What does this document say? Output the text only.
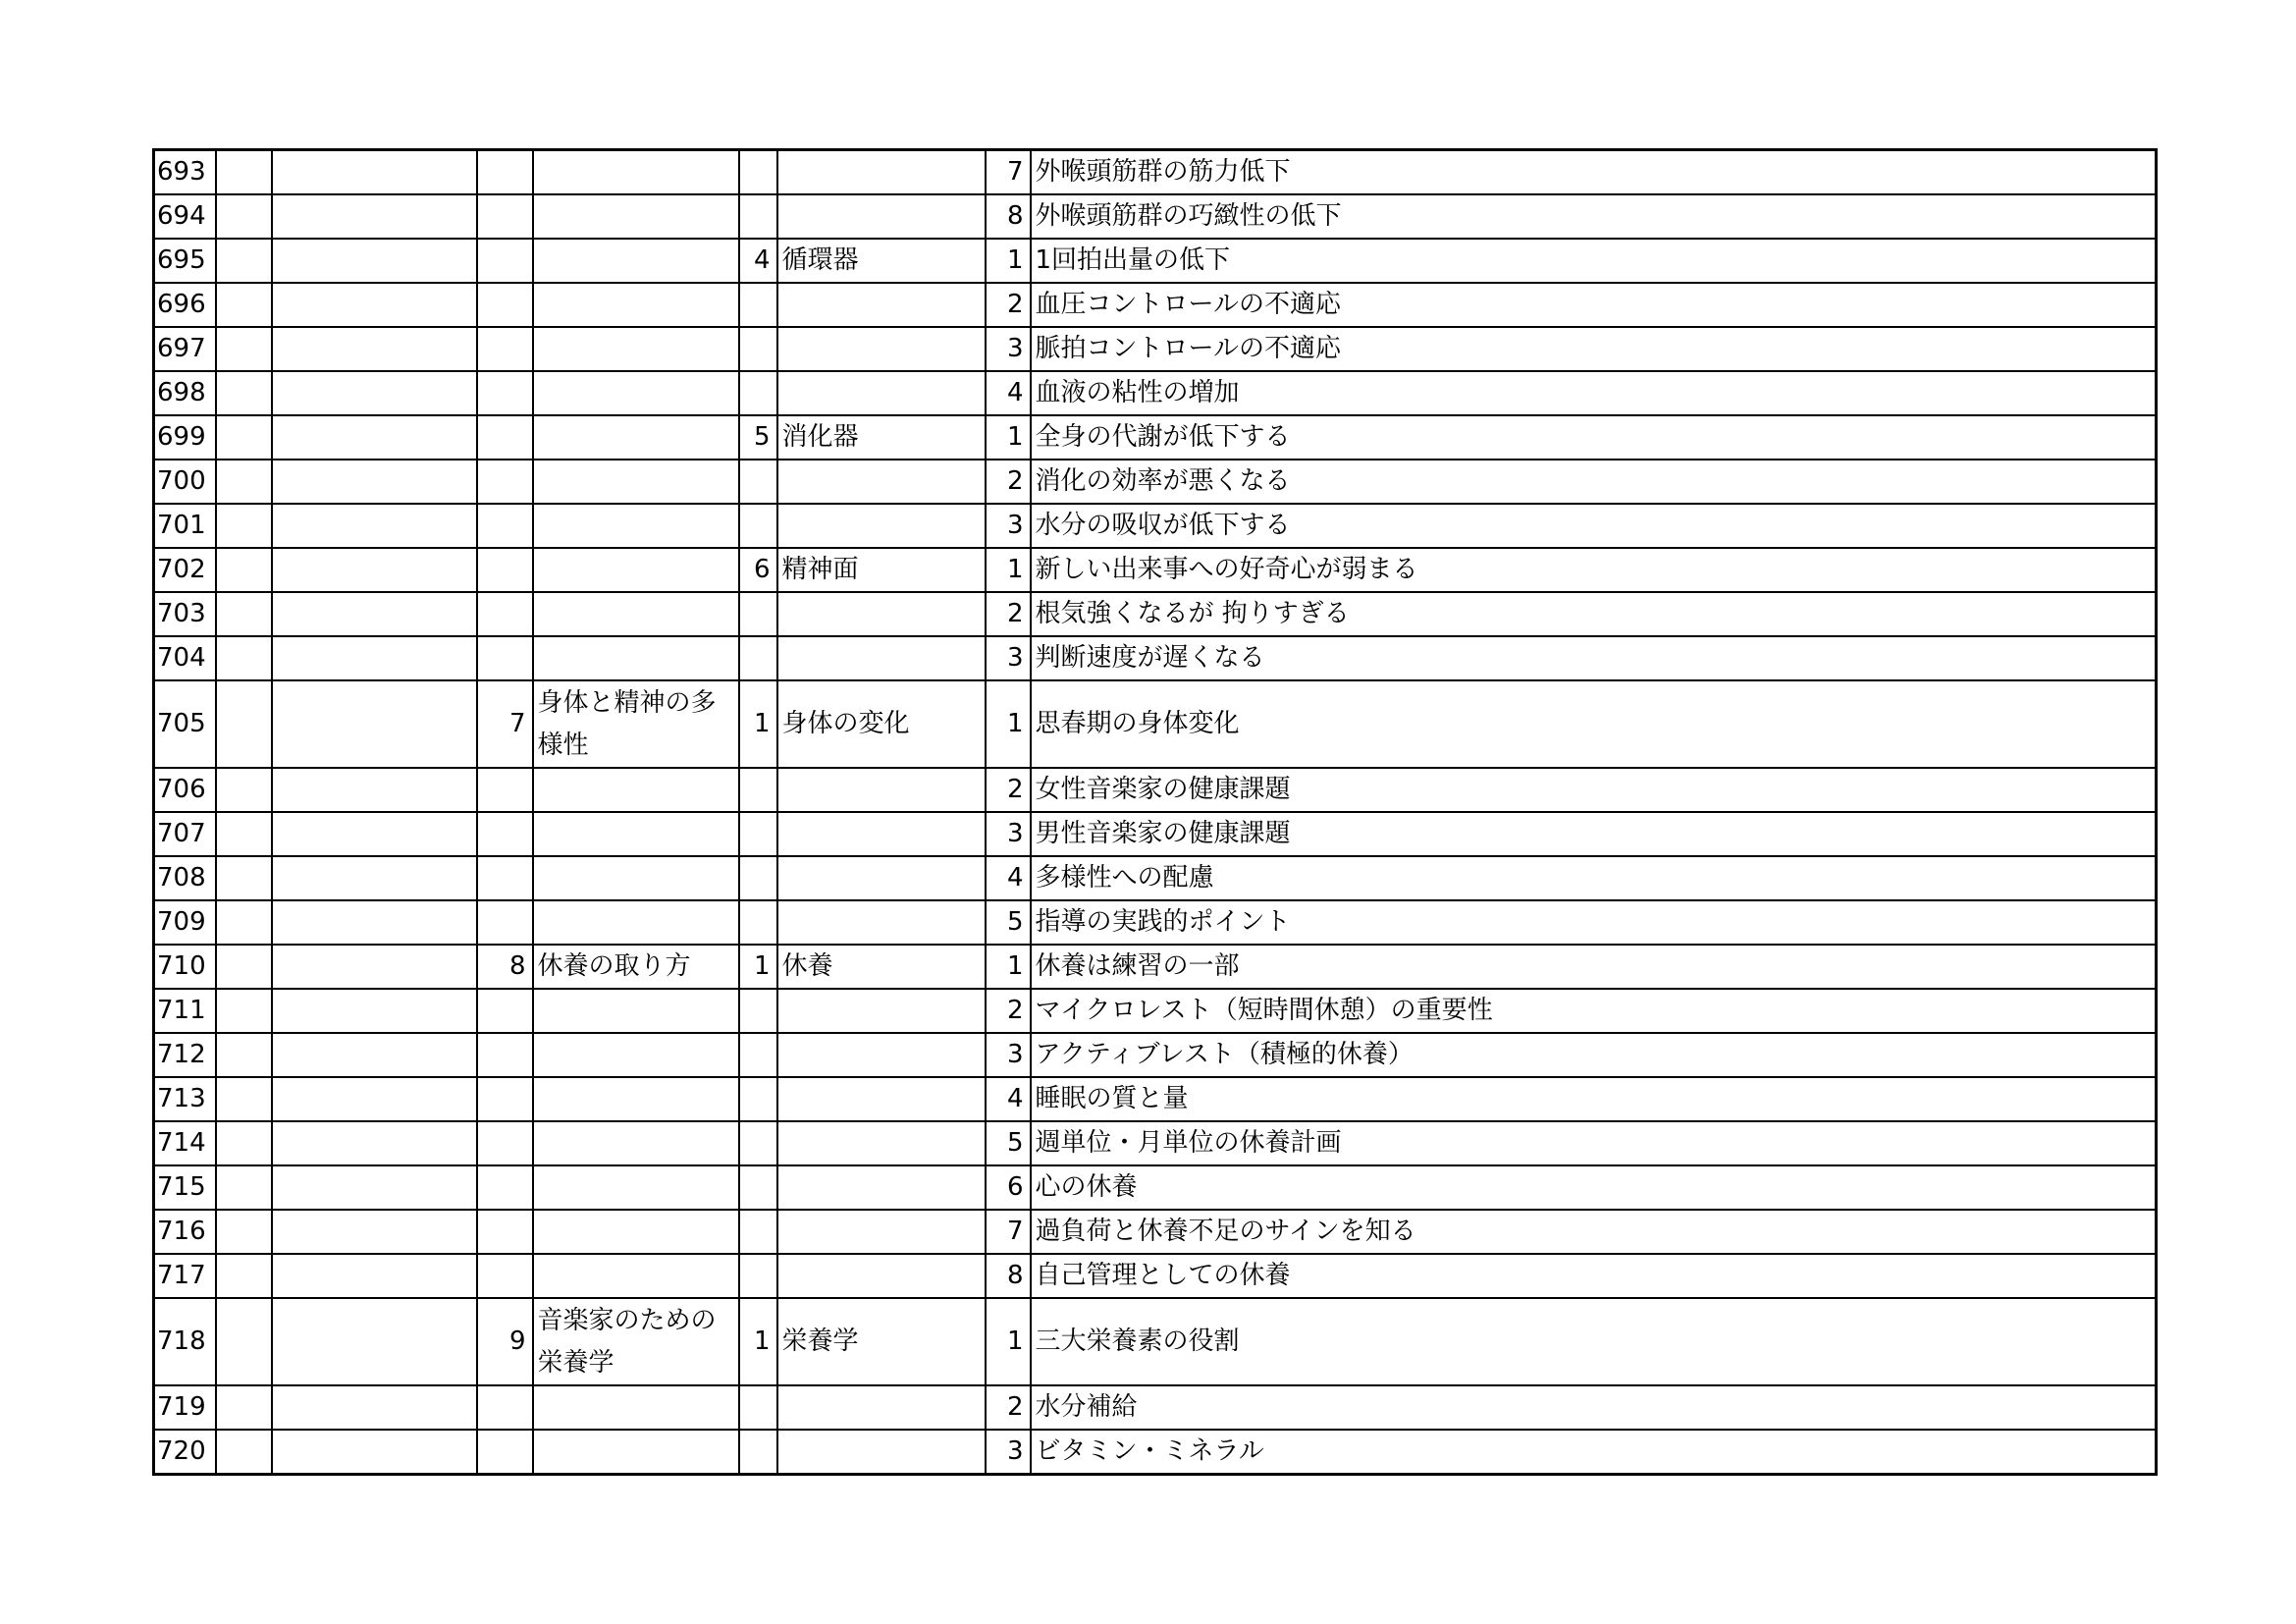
693							7	外喉頭筋群の筋力低下
694							8	外喉頭筋群の巧緻性の低下
695					4	循環器	1	1回拍出量の低下
696							2	血圧コントロールの不適応
697							3	脈拍コントロールの不適応
698							4	血液の粘性の増加
699					5	消化器	1	全身の代謝が低下する
700							2	消化の効率が悪くなる
701							3	水分の吸収が低下する
702					6	精神面	1	新しい出来事への好奇心が弱まる
703							2	根気強くなるが 拘りすぎる
704							3	判断速度が遅くなる
705			7	身体と精神の多様性	1	身体の変化	1	思春期の身体変化
706							2	女性音楽家の健康課題
707							3	男性音楽家の健康課題
708							4	多様性への配慮
709							5	指導の実践的ポイント
710			8	休養の取り方	1	休養	1	休養は練習の一部
711							2	マイクロレスト（短時間休憩）の重要性
712							3	アクティブレスト（積極的休養）
713							4	睡眠の質と量
714							5	週単位・月単位の休養計画
715							6	心の休養
716							7	過負荷と休養不足のサインを知る
717							8	自己管理としての休養
718			9	音楽家のための栄養学	1	栄養学	1	三大栄養素の役割
719							2	水分補給
720							3	ビタミン・ミネラル
